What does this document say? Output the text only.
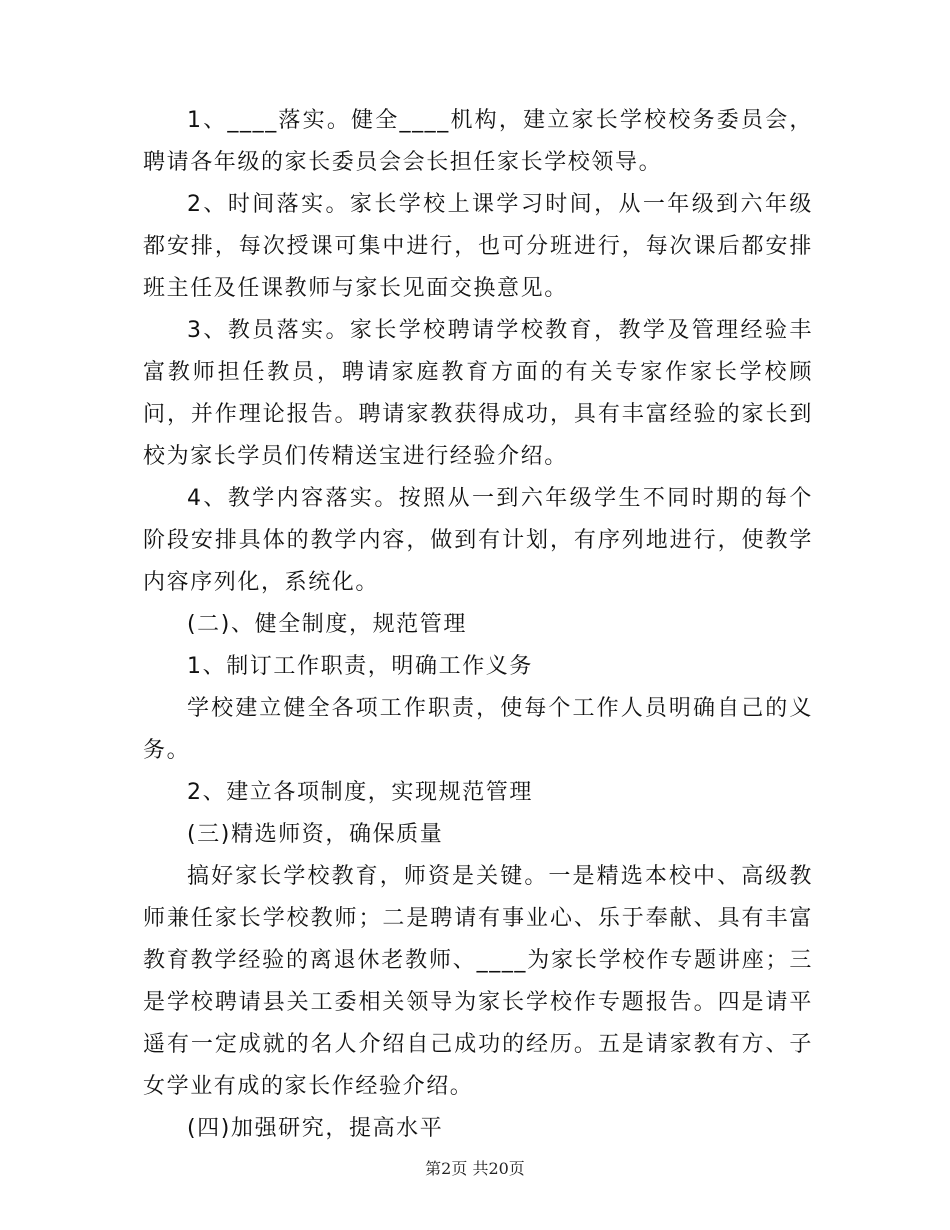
1、____落实。健全____机构，建立家长学校校务委员会，聘请各年级的家长委员会会长担任家长学校领导。

2、时间落实。家长学校上课学习时间，从一年级到六年级都安排，每次授课可集中进行，也可分班进行，每次课后都安排班主任及任课教师与家长见面交换意见。

3、教员落实。家长学校聘请学校教育，教学及管理经验丰富教师担任教员，聘请家庭教育方面的有关专家作家长学校顾问，并作理论报告。聘请家教获得成功，具有丰富经验的家长到校为家长学员们传精送宝进行经验介绍。

4、教学内容落实。按照从一到六年级学生不同时期的每个阶段安排具体的教学内容，做到有计划，有序列地进行，使教学内容序列化，系统化。

(二)、健全制度，规范管理

1、制订工作职责，明确工作义务

学校建立健全各项工作职责，使每个工作人员明确自己的义务。

2、建立各项制度，实现规范管理

(三)精选师资，确保质量

搞好家长学校教育，师资是关键。一是精选本校中、高级教师兼任家长学校教师；二是聘请有事业心、乐于奉献、具有丰富教育教学经验的离退休老教师、____为家长学校作专题讲座；三是学校聘请县关工委相关领导为家长学校作专题报告。四是请平遥有一定成就的名人介绍自己成功的经历。五是请家教有方、子女学业有成的家长作经验介绍。

(四)加强研究，提高水平

第2页 共20页
